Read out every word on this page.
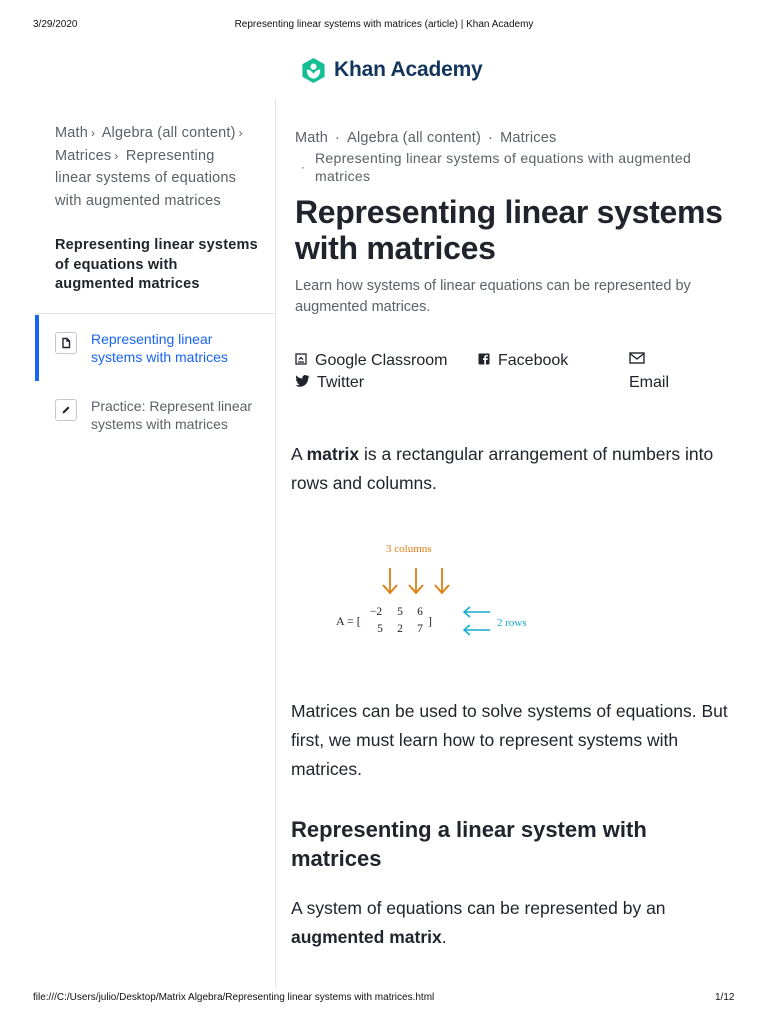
3/29/2020	Representing linear systems with matrices (article) | Khan Academy
Khan Academy
Math › Algebra (all content) › Matrices › Representing linear systems of equations with augmented matrices
Representing linear systems of equations with augmented matrices
Representing linear systems with matrices
Practice: Represent linear systems with matrices
Math · Algebra (all content) · Matrices
·
Representing linear systems of equations with augmented matrices
Representing linear systems with matrices

Learn how systems of linear equations can be represented by augmented matrices.

Google Classroom	Facebook
Email
Twitter

A matrix is a rectangular arrangement of numbers into rows and columns.

3 columns
A = [
−2 5 6
5 2 7
]	2 rows

Matrices can be used to solve systems of equations. But first, we must learn how to represent systems with matrices.

Representing a linear system with matrices

A system of equations can be represented by an augmented matrix.

file:///C:/Users/julio/Desktop/Matrix Algebra/Representing linear systems with matrices.html	1/12
